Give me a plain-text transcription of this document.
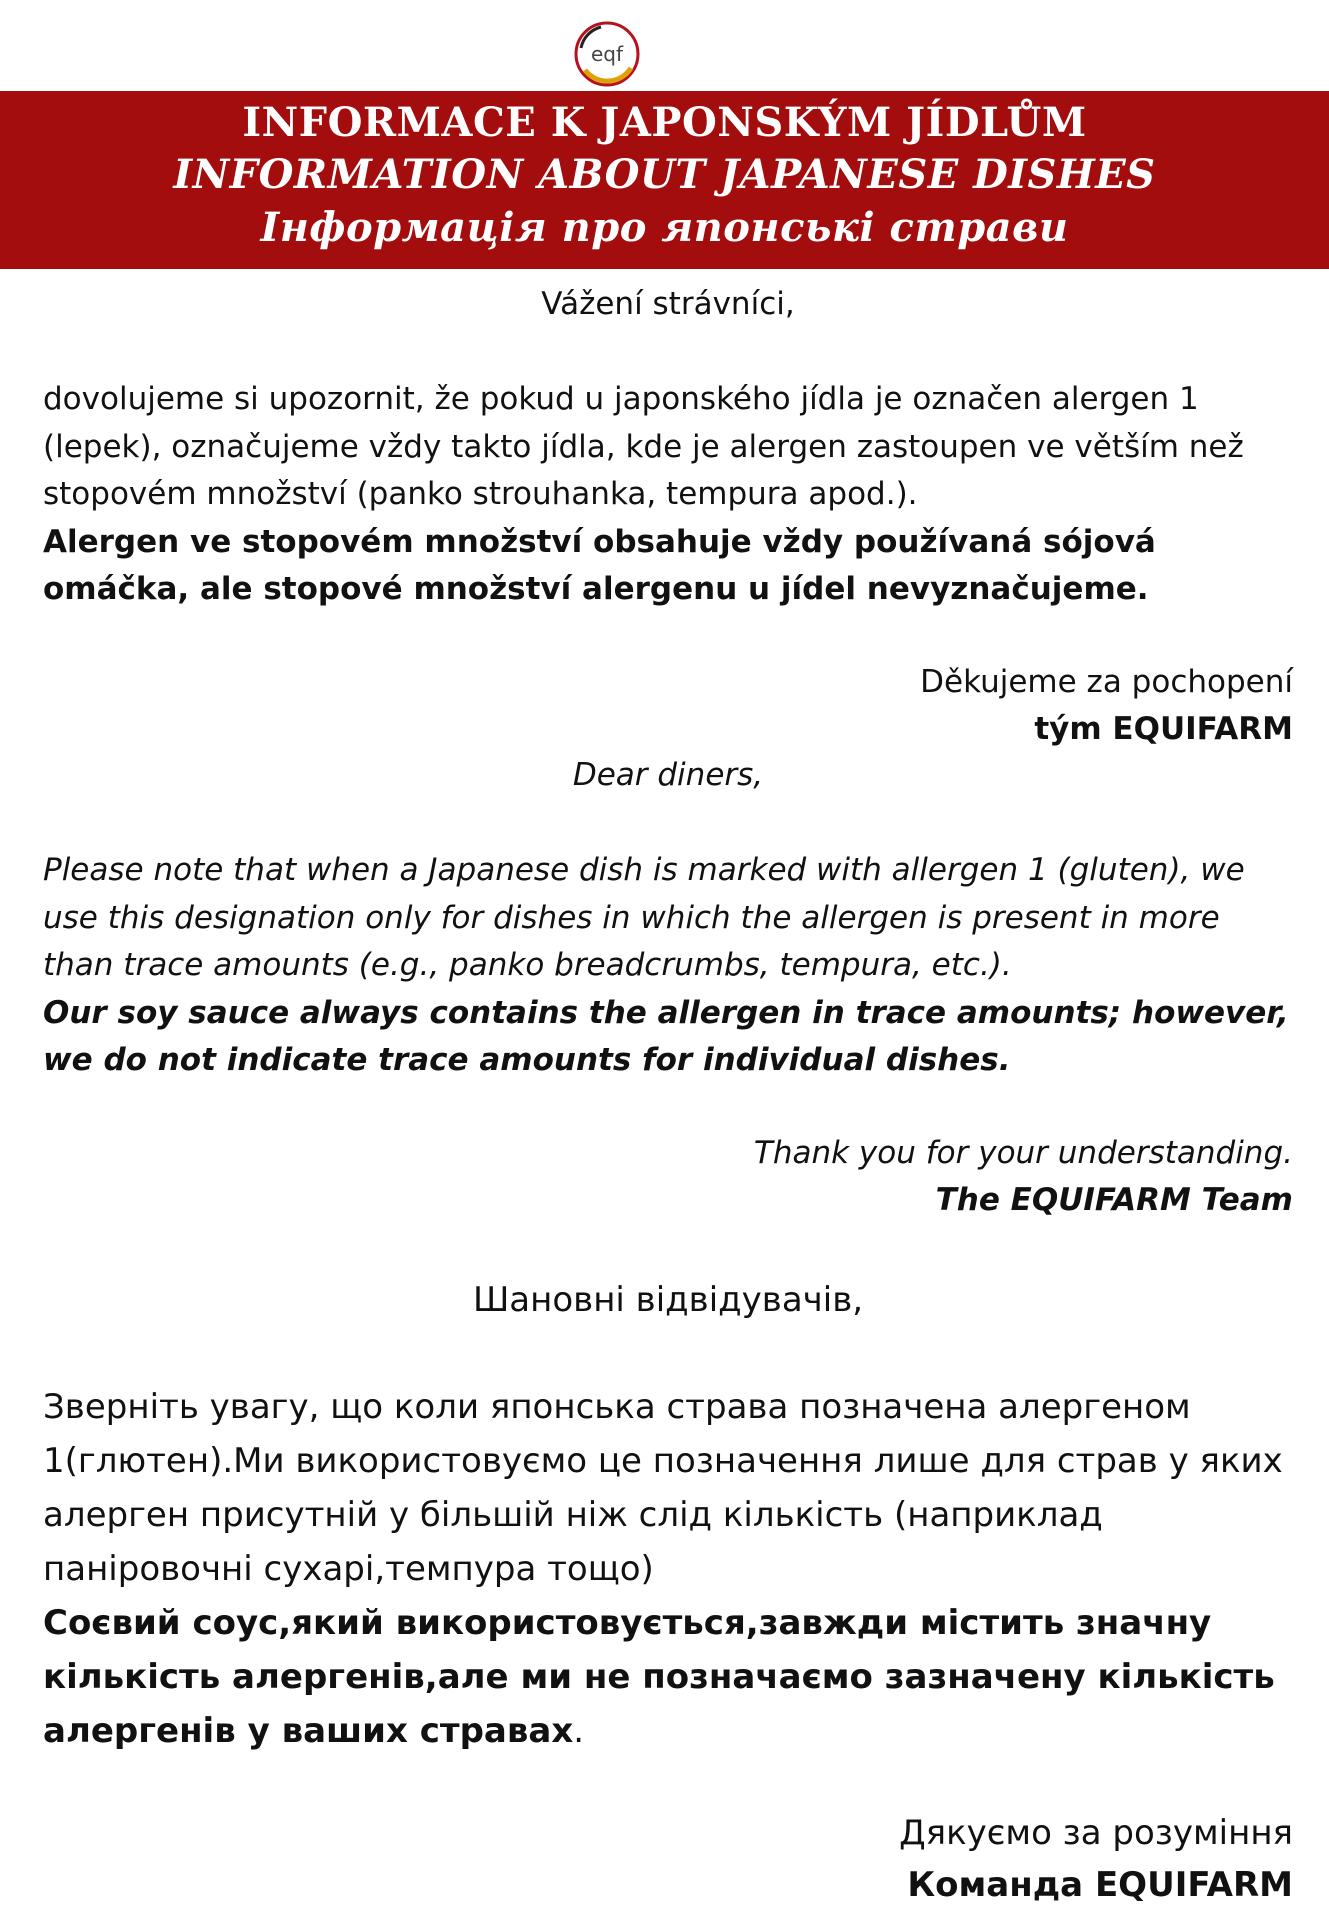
eqf
INFORMACE K JAPONSKÝM JÍDLŮM
INFORMATION ABOUT JAPANESE DISHES
Інформація про японські страви
Vážení strávníci,

dovolujeme si upozornit, že pokud u japonského jídla je označen alergen 1 (lepek), označujeme vždy takto jídla, kde je alergen zastoupen ve větším než stopovém množství (panko strouhanka, tempura apod.).

Alergen ve stopovém množství obsahuje vždy používaná sójová omáčka, ale stopové množství alergenu u jídel nevyznačujeme.

Děkujeme za pochopení
tým EQUIFARM
Dear diners,

Please note that when a Japanese dish is marked with allergen 1 (gluten), we use this designation only for dishes in which the allergen is present in more than trace amounts (e.g., panko breadcrumbs, tempura, etc.).

Our soy sauce always contains the allergen in trace amounts; however, we do not indicate trace amounts for individual dishes.

Thank you for your understanding.
The EQUIFARM Team
Шановні відвідувачів,

Зверніть увагу, що коли японська страва позначена алергеном 1(глютен).Ми використовуємо це позначення лише для страв у яких алерген присутній у більшій ніж слід кількість (наприклад панірoвочні сухарі,темпура тощо)

Соєвий соус,який використовується,завжди містить значну кількість алергенів,але ми не позначаємо зазначену кількість алергенів у ваших стравах.

Дякуємо за розуміння
Команда EQUIFARM
